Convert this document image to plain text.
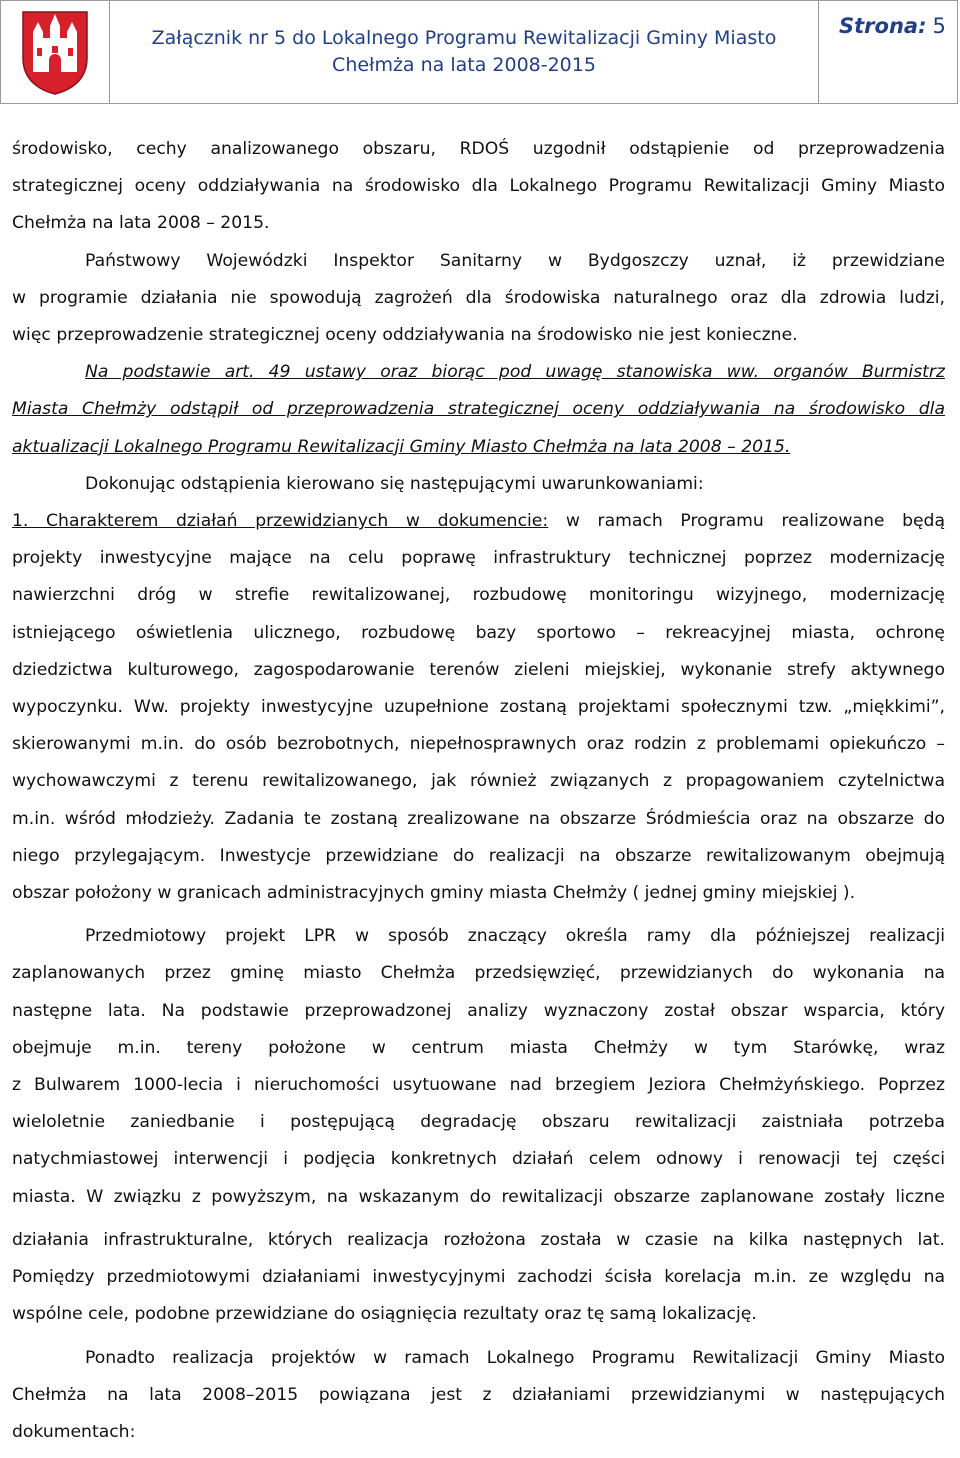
Załącznik nr 5 do Lokalnego Programu Rewitalizacji Gminy Miasto
Chełmża na lata 2008-2015
Strona: 5
środowisko, cechy analizowanego obszaru, RDOŚ uzgodnił odstąpienie od przeprowadzenia
strategicznej oceny oddziaływania na środowisko dla Lokalnego Programu Rewitalizacji Gminy Miasto
Chełmża na lata 2008 – 2015.
Państwowy Wojewódzki Inspektor Sanitarny w Bydgoszczy uznał, iż przewidziane
w programie działania nie spowodują zagrożeń dla środowiska naturalnego oraz dla zdrowia ludzi,
więc przeprowadzenie strategicznej oceny oddziaływania na środowisko nie jest konieczne.
Na podstawie art. 49 ustawy oraz biorąc pod uwagę stanowiska ww. organów Burmistrz
Miasta Chełmży odstąpił od przeprowadzenia strategicznej oceny oddziaływania na środowisko dla
aktualizacji Lokalnego Programu Rewitalizacji Gminy Miasto Chełmża na lata 2008 – 2015.
Dokonując odstąpienia kierowano się następującymi uwarunkowaniami:
1. Charakterem działań przewidzianych w dokumencie: w ramach Programu realizowane będą
projekty inwestycyjne mające na celu poprawę infrastruktury technicznej poprzez modernizację
nawierzchni dróg w strefie rewitalizowanej, rozbudowę monitoringu wizyjnego, modernizację
istniejącego oświetlenia ulicznego, rozbudowę bazy sportowo – rekreacyjnej miasta, ochronę
dziedzictwa kulturowego, zagospodarowanie terenów zieleni miejskiej, wykonanie strefy aktywnego
wypoczynku. Ww. projekty inwestycyjne uzupełnione zostaną projektami społecznymi tzw. „miękkimi”,
skierowanymi m.in. do osób bezrobotnych, niepełnosprawnych oraz rodzin z problemami opiekuńczo –
wychowawczymi z terenu rewitalizowanego, jak również związanych z propagowaniem czytelnictwa
m.in. wśród młodzieży. Zadania te zostaną zrealizowane na obszarze Śródmieścia oraz na obszarze do
niego przylegającym. Inwestycje przewidziane do realizacji na obszarze rewitalizowanym obejmują
obszar położony w granicach administracyjnych gminy miasta Chełmży ( jednej gminy miejskiej ).
Przedmiotowy projekt LPR w sposób znaczący określa ramy dla późniejszej realizacji
zaplanowanych przez gminę miasto Chełmża przedsięwzięć, przewidzianych do wykonania na
następne lata. Na podstawie przeprowadzonej analizy wyznaczony został obszar wsparcia, który
obejmuje m.in. tereny położone w centrum miasta Chełmży w tym Starówkę, wraz
z Bulwarem 1000-lecia i nieruchomości usytuowane nad brzegiem Jeziora Chełmżyńskiego. Poprzez
wieloletnie zaniedbanie i postępującą degradację obszaru rewitalizacji zaistniała potrzeba
natychmiastowej interwencji i podjęcia konkretnych działań celem odnowy i renowacji tej części
miasta. W związku z powyższym, na wskazanym do rewitalizacji obszarze zaplanowane zostały liczne
działania infrastrukturalne, których realizacja rozłożona została w czasie na kilka następnych lat.
Pomiędzy przedmiotowymi działaniami inwestycyjnymi zachodzi ścisła korelacja m.in. ze względu na
wspólne cele, podobne przewidziane do osiągnięcia rezultaty oraz tę samą lokalizację.
Ponadto realizacja projektów w ramach Lokalnego Programu Rewitalizacji Gminy Miasto
Chełmża na lata 2008–2015 powiązana jest z działaniami przewidzianymi w następujących
dokumentach:
